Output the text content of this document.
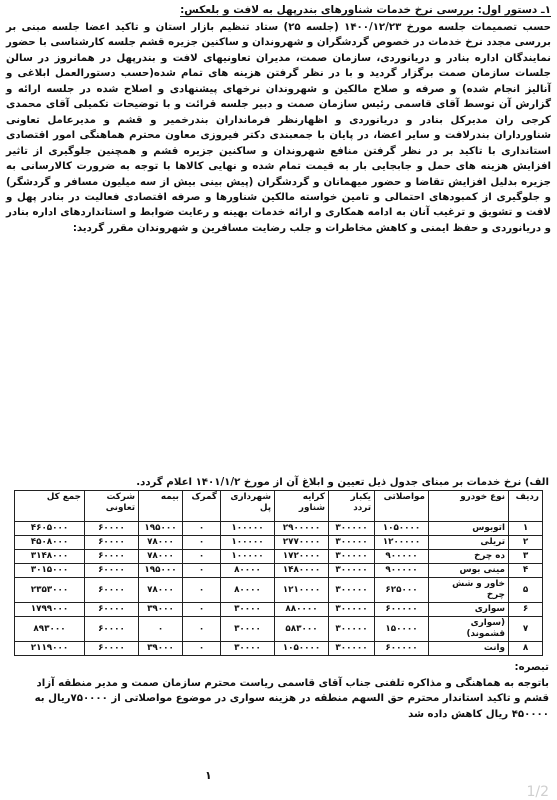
۱ـ دستور اول: بررسی نرخ خدمات شناورهای بندرپهل به لافت و بلعکس:
حسب تصمیمات جلسه مورخ ۱۴۰۰/۱۲/۲۳ (جلسه ۲۵) ستاد تنظیم بازار استان و تاکید اعضا جلسه مبنی بر بررسی مجدد نرخ خدمات در خصوص گردشگران و شهروندان و ساکنین جزیره قشم جلسه کارشناسی با حضور نمایندگان اداره بنادر و دریانوردی، سازمان صمت، مدیران تعاونیهای لافت و بندرپهل در همانروز در سالن جلسات سازمان صمت برگزار گردید و با در نظر گرفتن هزینه های تمام شده(حسب دستورالعمل ابلاغی و آنالیز انجام شده) و صرفه و صلاح مالکین و شهروندان نرخهای پیشنهادی و اصلاح شده در جلسه ارائه و گزارش آن توسط آقای قاسمی رئیس سازمان صمت و دبیر جلسه قرائت و با توضیحات تکمیلی آقای محمدی کرجی ران مدیرکل بنادر و دریانوردی و اظهارنظر فرمانداران بندرخمیر و قشم و مدیرعامل تعاونی شناورداران بندرلافت و سایر اعضا، در پایان با جمعبندی دکتر فیروزی معاون محترم هماهنگی امور اقتصادی استانداری با تاکید بر در نظر گرفتن منافع شهروندان و ساکنین جزیره قشم و همچنین جلوگیری از تاثیر افزایش هزینه های حمل و جابجایی بار به قیمت تمام شده و نهایی کالاها با توجه به ضرورت کالارسانی به جزیره بدلیل افزایش تقاضا و حضور میهمانان و گردشگران (پیش بینی بیش از سه میلیون مسافر و گردشگر) و جلوگیری از کمبودهای احتمالی و تامین خواسته مالکین شناورها و صرفه اقتصادی فعالیت در بنادر پهل و لافت و تشویق و ترغیب آنان به ادامه همکاری و ارائه خدمات بهینه و رعایت ضوابط و استانداردهای اداره بنادر و دریانوردی و حفظ ایمنی و کاهش مخاطرات و جلب رضایت مسافرین و شهروندان مقرر گردید:
الف) نرخ خدمات بر مبنای جدول ذیل تعیین و ابلاغ آن از مورخ ۱۴۰۱/۱/۲ اعلام گردد.
ردیف	نوع خودرو	مواصلاتی	یکبار تردد	کرایه شناور	شهرداری پل	گمرک	بیمه	شرکت تعاونی	جمع کل
۱	اتوبوس	۱۰۵۰۰۰۰	۳۰۰۰۰۰	۲۹۰۰۰۰۰	۱۰۰۰۰۰	۰	۱۹۵۰۰۰	۶۰۰۰۰	۴۶۰۵۰۰۰
۲	تریلی	۱۲۰۰۰۰۰	۳۰۰۰۰۰	۲۷۷۰۰۰۰	۱۰۰۰۰۰	۰	۷۸۰۰۰	۶۰۰۰۰	۴۵۰۸۰۰۰
۳	ده چرخ	۹۰۰۰۰۰	۳۰۰۰۰۰	۱۷۲۰۰۰۰	۱۰۰۰۰۰	۰	۷۸۰۰۰	۶۰۰۰۰	۳۱۴۸۰۰۰
۴	مینی بوس	۹۰۰۰۰۰	۳۰۰۰۰۰	۱۴۸۰۰۰۰	۸۰۰۰۰	۰	۱۹۵۰۰۰	۶۰۰۰۰	۳۰۱۵۰۰۰
۵	خاور و شش چرخ	۶۲۵۰۰۰	۳۰۰۰۰۰	۱۲۱۰۰۰۰	۸۰۰۰۰	۰	۷۸۰۰۰	۶۰۰۰۰	۲۳۵۳۰۰۰
۶	سواری	۶۰۰۰۰۰	۳۰۰۰۰۰	۸۸۰۰۰۰	۳۰۰۰۰	۰	۳۹۰۰۰	۶۰۰۰۰	۱۷۹۹۰۰۰
۷	(سواری قشموند)	۱۵۰۰۰۰	۳۰۰۰۰۰	۵۸۳۰۰۰	۳۰۰۰۰	۰	۰	۶۰۰۰۰	۸۹۳۰۰۰
۸	وانت	۶۰۰۰۰۰	۳۰۰۰۰۰	۱۰۵۰۰۰۰	۳۰۰۰۰	۰	۳۹۰۰۰	۶۰۰۰۰	۲۱۱۹۰۰۰
تبصره:
باتوجه به هماهنگی و مذاکره تلفنی جناب آقای قاسمی ریاست محترم سازمان صمت و مدیر منطقه آزاد قشم و تاکید استاندار محترم حق السهم منطقه در هزینه سواری در موضوع مواصلاتی از ۷۵۰۰۰۰ریال به ۴۵۰۰۰۰ ریال کاهش داده شد
۱
1/2
